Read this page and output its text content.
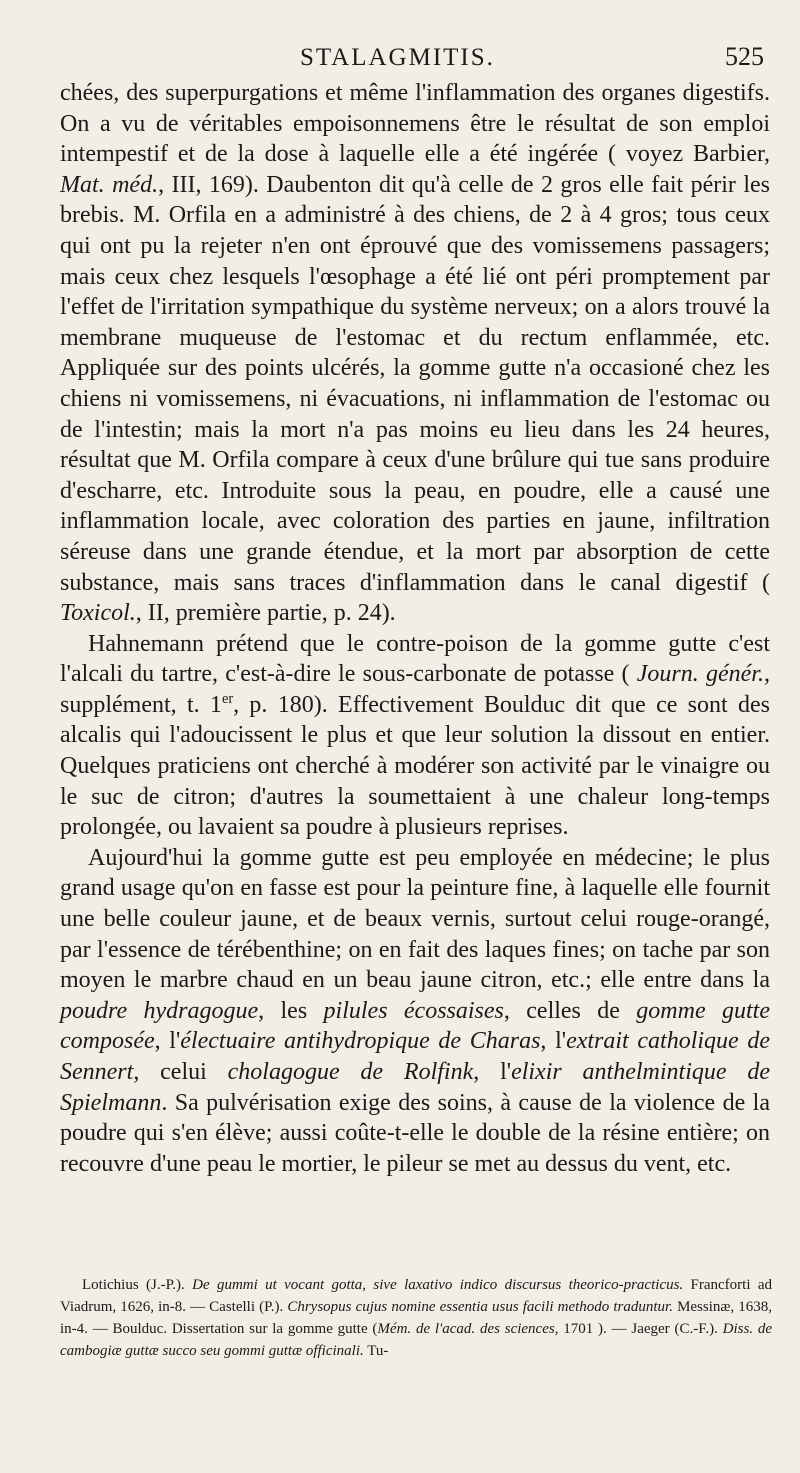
STALAGMITIS.	525

chées, des superpurgations et même l'inflammation des organes digestifs. On a vu de véritables empoisonnemens être le résultat de son emploi intempestif et de la dose à laquelle elle a été ingérée ( voyez Barbier, Mat. méd., III, 169). Daubenton dit qu'à celle de 2 gros elle fait périr les brebis. M. Orfila en a administré à des chiens, de 2 à 4 gros; tous ceux qui ont pu la rejeter n'en ont éprouvé que des vomissemens passagers; mais ceux chez lesquels l'œsophage a été lié ont péri promptement par l'effet de l'irritation sympathique du système nerveux; on a alors trouvé la membrane muqueuse de l'estomac et du rectum enflammée, etc. Appliquée sur des points ulcérés, la gomme gutte n'a occasioné chez les chiens ni vomissemens, ni évacuations, ni inflammation de l'estomac ou de l'intestin; mais la mort n'a pas moins eu lieu dans les 24 heures, résultat que M. Orfila compare à ceux d'une brûlure qui tue sans produire d'escharre, etc. Introduite sous la peau, en poudre, elle a causé une inflammation locale, avec coloration des parties en jaune, infiltration séreuse dans une grande étendue, et la mort par absorption de cette substance, mais sans traces d'inflammation dans le canal digestif ( Toxicol., II, première partie, p. 24).

Hahnemann prétend que le contre-poison de la gomme gutte c'est l'alcali du tartre, c'est-à-dire le sous-carbonate de potasse ( Journ. génér., supplément, t. 1er, p. 180). Effectivement Boulduc dit que ce sont des alcalis qui l'adoucissent le plus et que leur solution la dissout en entier. Quelques praticiens ont cherché à modérer son activité par le vinaigre ou le suc de citron; d'autres la soumettaient à une chaleur long-temps prolongée, ou lavaient sa poudre à plusieurs reprises.

Aujourd'hui la gomme gutte est peu employée en médecine; le plus grand usage qu'on en fasse est pour la peinture fine, à laquelle elle fournit une belle couleur jaune, et de beaux vernis, surtout celui rouge-orangé, par l'essence de térébenthine; on en fait des laques fines; on tache par son moyen le marbre chaud en un beau jaune citron, etc.; elle entre dans la poudre hydragogue, les pilules écossaises, celles de gomme gutte composée, l'électuaire antihydropique de Charas, l'extrait catholique de Sennert, celui cholagogue de Rolfink, l'elixir anthelmintique de Spielmann. Sa pulvérisation exige des soins, à cause de la violence de la poudre qui s'en élève; aussi coûte-t-elle le double de la résine entière; on recouvre d'une peau le mortier, le pileur se met au dessus du vent, etc.

Lotichius (J.-P.). De gummi ut vocant gotta, sive laxativo indico discursus theorico-practicus. Francforti ad Viadrum, 1626, in-8. — Castelli (P.). Chrysopus cujus nomine essentia usus facili methodo traduntur. Messinæ, 1638, in-4. — Boulduc. Dissertation sur la gomme gutte (Mém. de l'acad. des sciences, 1701 ). — Jaeger (C.-F.). Diss. de cambogiæ guttæ succo seu gommi guttæ officinali. Tu-
